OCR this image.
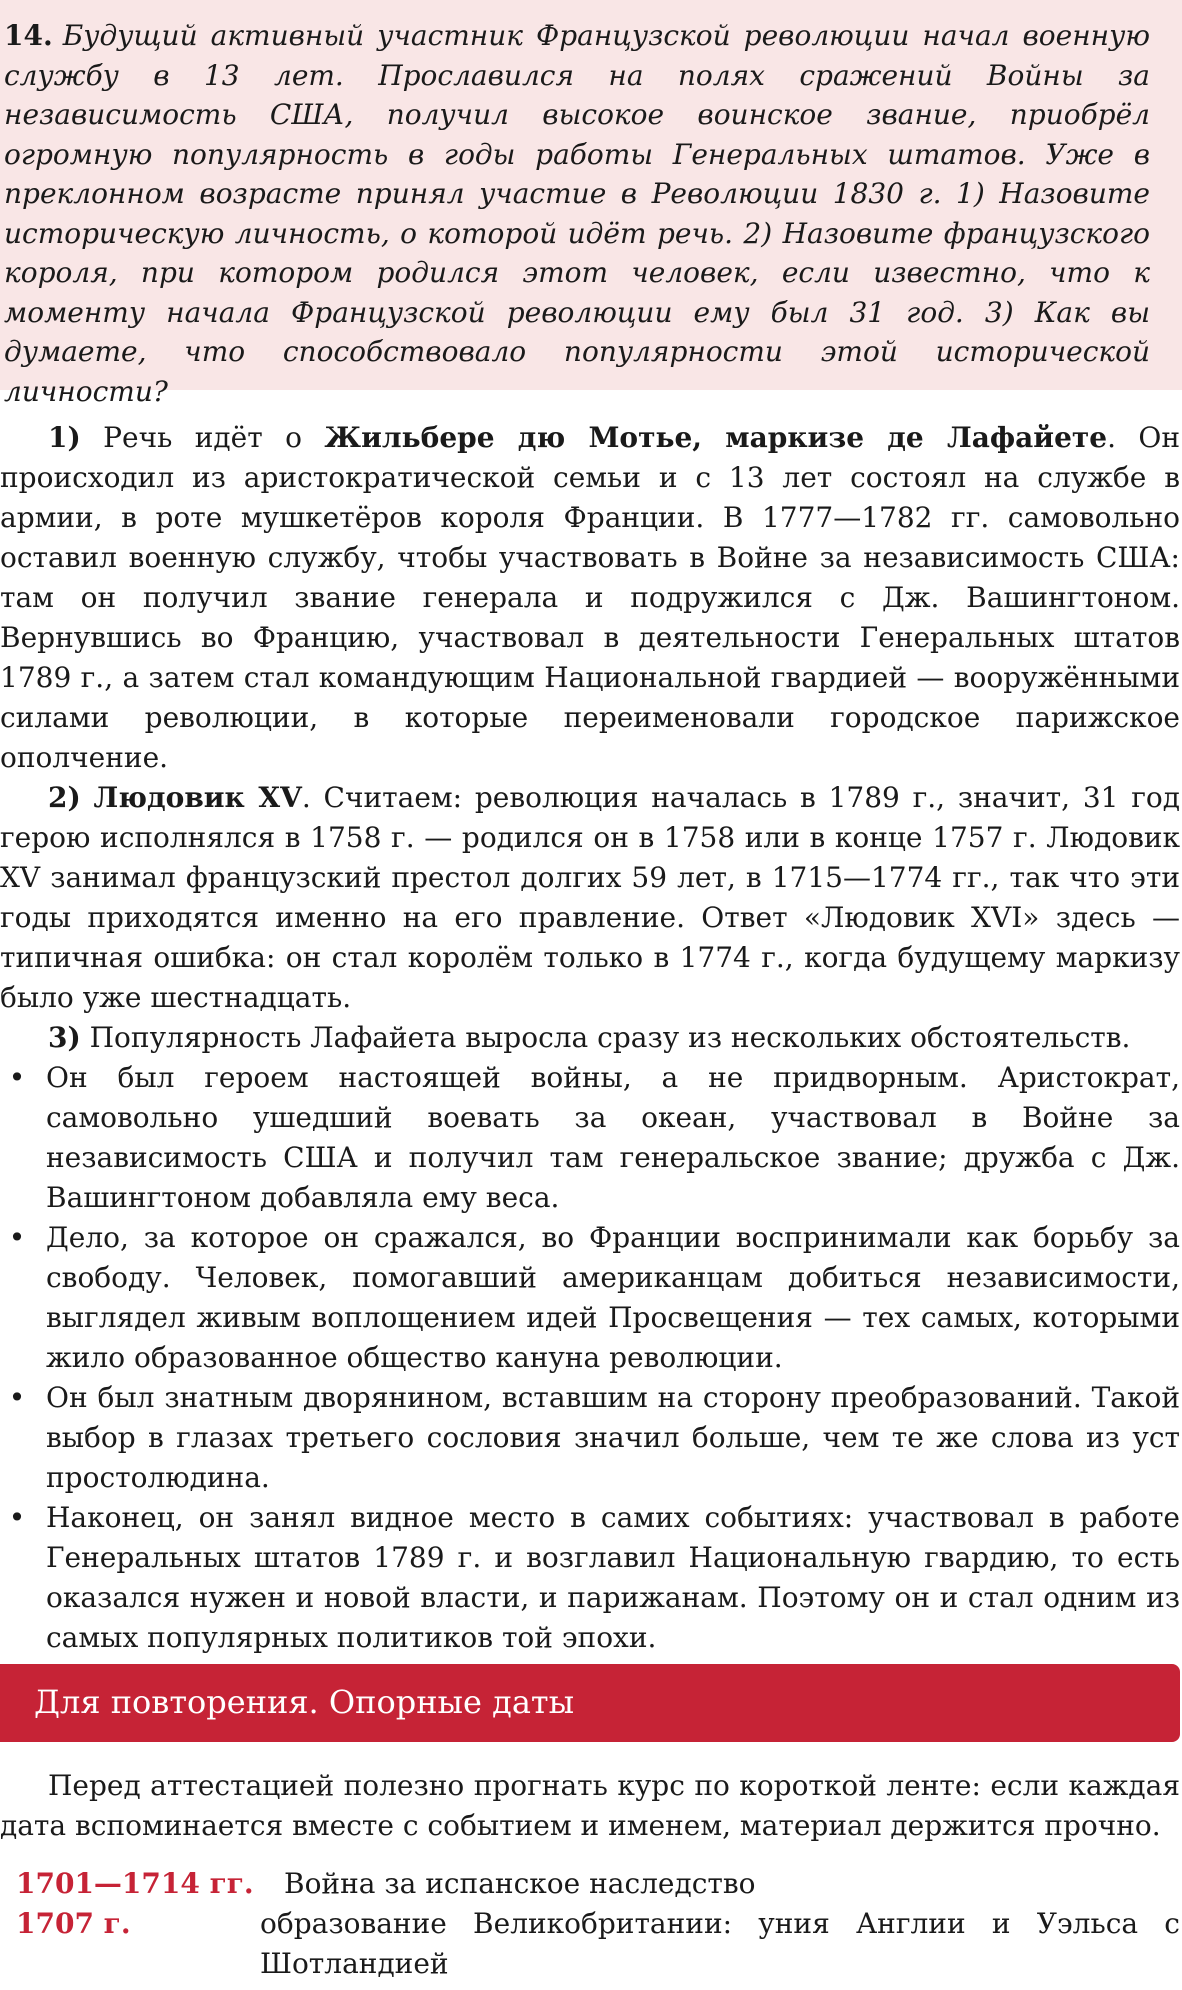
14. Будущий активный участник Французской революции начал военную службу в 13 лет. Прославился на полях сражений Войны за независимость США, получил высокое воинское звание, приобрёл огромную популярность в годы работы Генеральных штатов. Уже в преклонном возрасте принял участие в Революции 1830 г. 1) Назовите историческую личность, о которой идёт речь. 2) Назовите французского короля, при котором родился этот человек, если известно, что к моменту начала Французской революции ему был 31 год. 3) Как вы думаете, что способствовало популярности этой исторической личности?

1) Речь идёт о Жильбере дю Мотье, маркизе де Лафайете. Он происходил из аристократической семьи и с 13 лет состоял на службе в армии, в роте мушкетёров короля Франции. В 1777—1782 гг. самовольно оставил военную службу, чтобы участвовать в Войне за независимость США: там он получил звание генерала и подружился с Дж. Вашингтоном. Вернувшись во Францию, участвовал в деятельности Генеральных штатов 1789 г., а затем стал командующим Национальной гвардией — вооружёнными силами революции, в которые переименовали городское парижское ополчение.

2) Людовик XV. Считаем: революция началась в 1789 г., значит, 31 год герою исполнялся в 1758 г. — родился он в 1758 или в конце 1757 г. Людовик XV занимал французский престол долгих 59 лет, в 1715—1774 гг., так что эти годы приходятся именно на его правление. Ответ «Людовик XVI» здесь — типичная ошибка: он стал королём только в 1774 г., когда будущему маркизу было уже шестнадцать.

3) Популярность Лафайета выросла сразу из нескольких обстоятельств.

• Он был героем настоящей войны, а не придворным. Аристократ, самовольно ушедший воевать за океан, участвовал в Войне за независимость США и получил там генеральское звание; дружба с Дж. Вашингтоном добавляла ему веса.
• Дело, за которое он сражался, во Франции воспринимали как борьбу за свободу. Человек, помогавший американцам добиться независимости, выглядел живым воплощением идей Просвещения — тех самых, которыми жило образованное общество кануна революции.
• Он был знатным дворянином, вставшим на сторону преобразований. Такой выбор в глазах третьего сословия значил больше, чем те же слова из уст простолюдина.
• Наконец, он занял видное место в самих событиях: участвовал в работе Генеральных штатов 1789 г. и возглавил Национальную гвардию, то есть оказался нужен и новой власти, и парижанам. Поэтому он и стал одним из самых популярных политиков той эпохи.
Для повторения. Опорные даты

Перед аттестацией полезно прогнать курс по короткой ленте: если каждая дата вспоминается вместе с событием и именем, материал держится прочно.

1701—1714 гг. Война за испанское наследство
1707 г.	образование Великобритании: уния Англии и Уэльса с Шотландией
